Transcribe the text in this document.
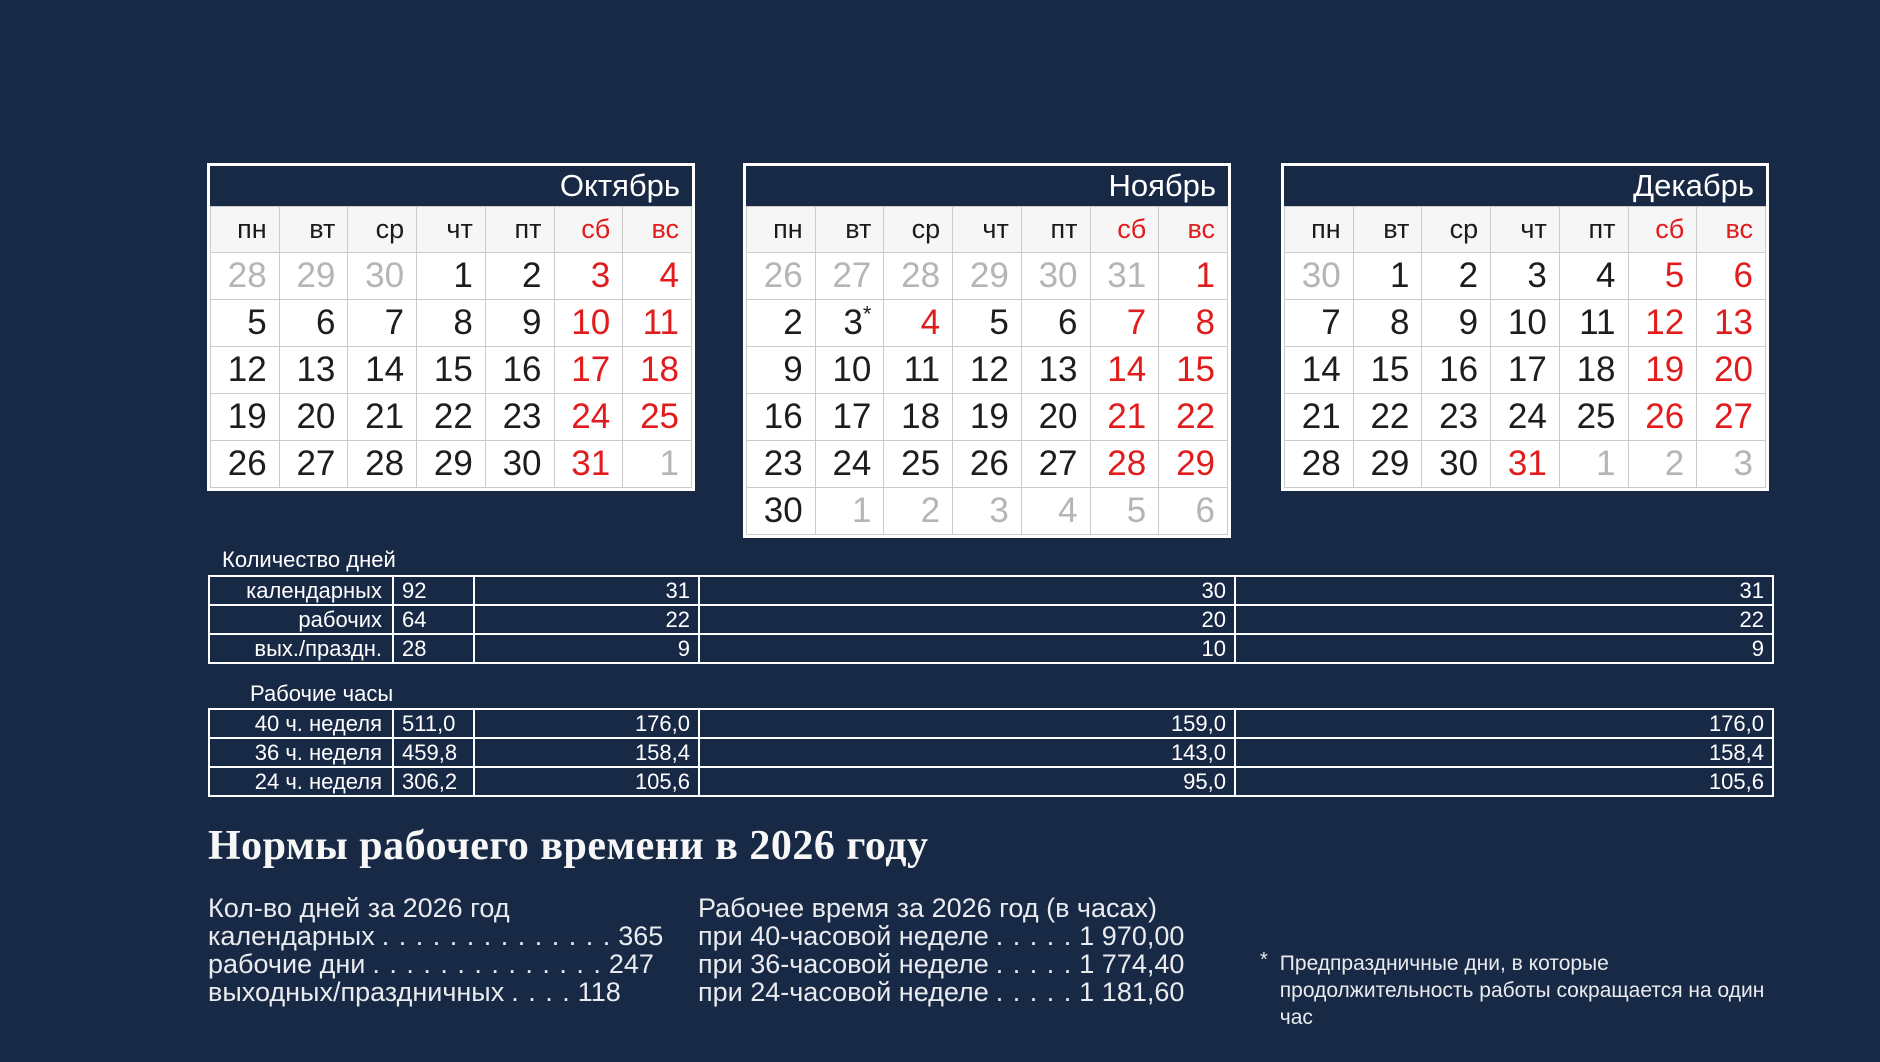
Октябрь
пн	вт	ср	чт	пт	сб	вс
28	29	30	1	2	3	4
5	6	7	8	9	10	11
12	13	14	15	16	17	18
19	20	21	22	23	24	25
26	27	28	29	30	31	1
Ноябрь
пн	вт	ср	чт	пт	сб	вс
26	27	28	29	30	31	1
2	3*	4	5	6	7	8
9	10	11	12	13	14	15
16	17	18	19	20	21	22
23	24	25	26	27	28	29
30	1	2	3	4	5	6
Декабрь
пн	вт	ср	чт	пт	сб	вс
30	1	2	3	4	5	6
7	8	9	10	11	12	13
14	15	16	17	18	19	20
21	22	23	24	25	26	27
28	29	30	31	1	2	3
Количество дней
календарных	92	31	30	31
рабочих	64	22	20	22
вых./праздн.	28	9	10	9
Рабочие часы
40 ч. неделя	511,0	176,0	159,0	176,0
36 ч. неделя	459,8	158,4	143,0	158,4
24 ч. неделя	306,2	105,6	95,0	105,6
Нормы рабочего времени в 2026 году
Кол-во дней за 2026 год
календарных . . . . . . . . . . . . . . 365
рабочие дни . . . . . . . . . . . . . . 247
выходных/праздничных . . . . 118
Рабочее время за 2026 год (в часах)
при 40-часовой неделе . . . . . 1 970,00
при 36-часовой неделе . . . . . 1 774,40
при 24-часовой неделе . . . . . 1 181,60
* Предпраздничные дни, в которые продолжительность работы сокращается на один час
